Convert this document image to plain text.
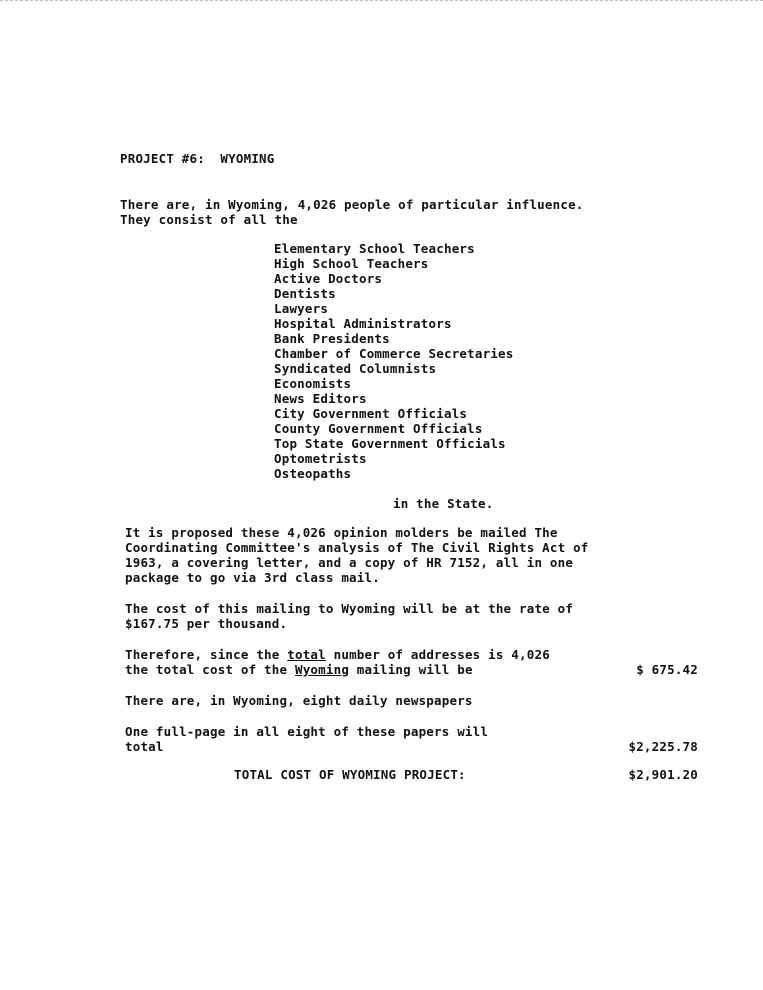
PROJECT #6:  WYOMING
There are, in Wyoming, 4,026 people of particular influence.
They consist of all the
Elementary School Teachers
High School Teachers
Active Doctors
Dentists
Lawyers
Hospital Administrators
Bank Presidents
Chamber of Commerce Secretaries
Syndicated Columnists
Economists
News Editors
City Government Officials
County Government Officials
Top State Government Officials
Optometrists
Osteopaths
in the State.

It is proposed these 4,026 opinion molders be mailed The
Coordinating Committee's analysis of The Civil Rights Act of
1963, a covering letter, and a copy of HR 7152, all in one
package to go via 3rd class mail.

The cost of this mailing to Wyoming will be at the rate of
$167.75 per thousand.

Therefore, since the total number of addresses is 4,026
the total cost of the Wyoming mailing will be	$ 675.42

There are, in Wyoming, eight daily newspapers

One full-page in all eight of these papers will
total	$2,225.78
TOTAL COST OF WYOMING PROJECT:	$2,901.20
